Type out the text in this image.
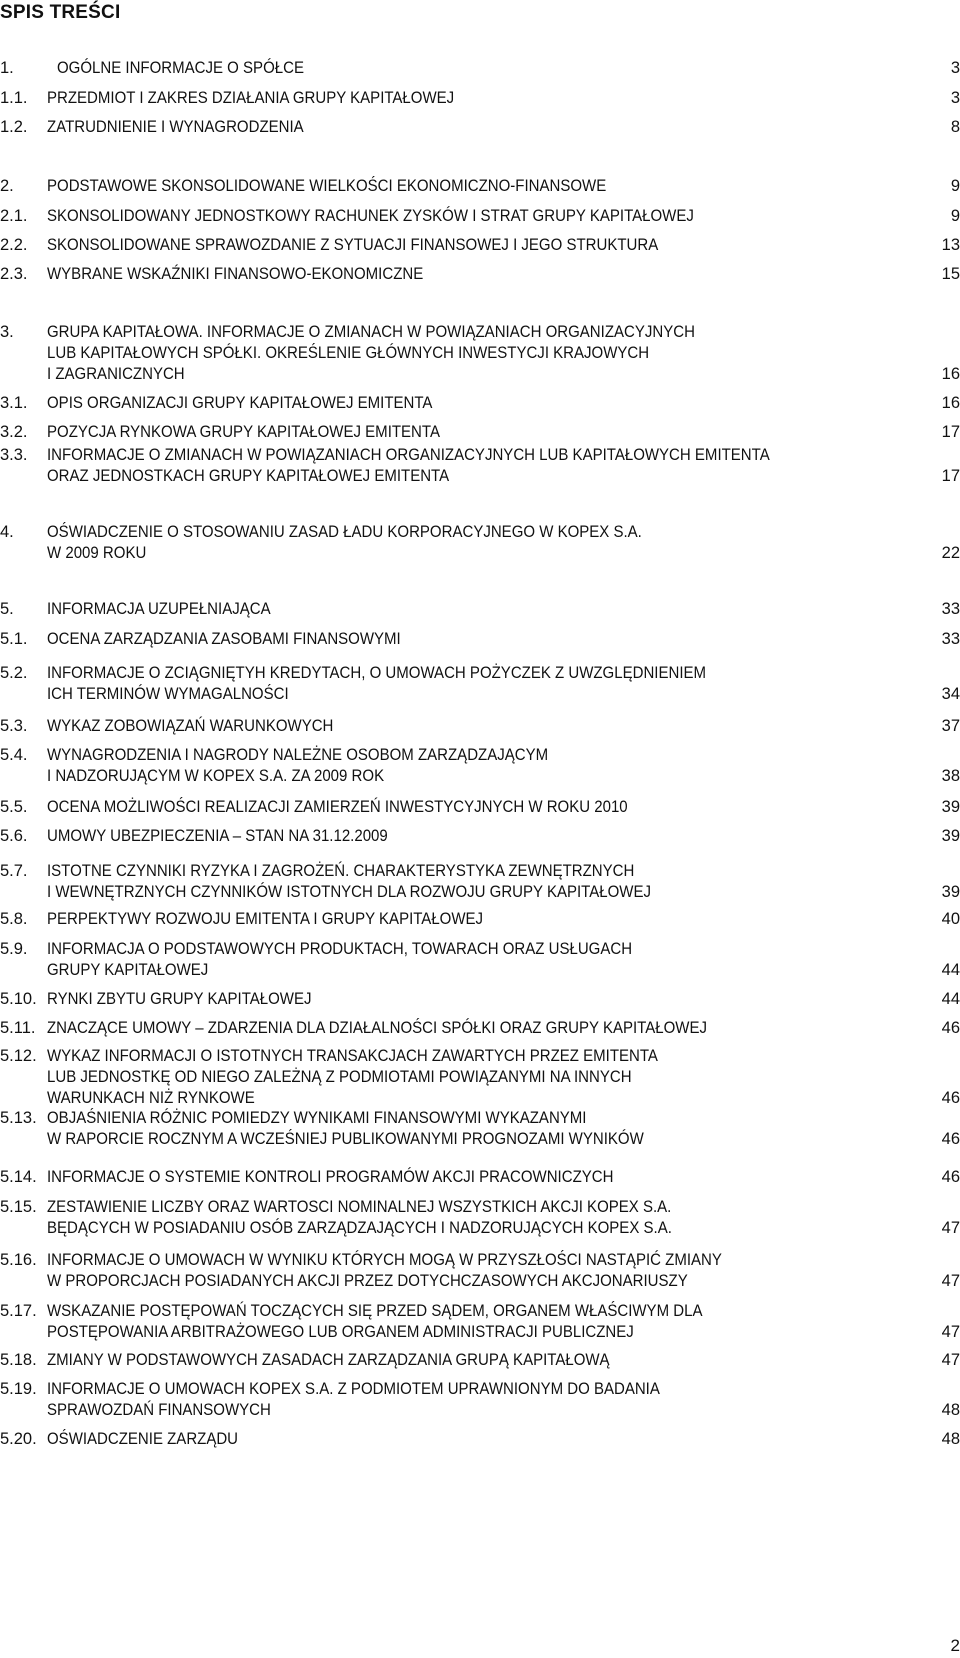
SPIS TREŚCI
1.	OGÓLNE INFORMACJE O SPÓŁCE	3
1.1. PRZEDMIOT I ZAKRES DZIAŁANIA GRUPY KAPITAŁOWEJ	3
1.2. ZATRUDNIENIE I WYNAGRODZENIA	8
2. PODSTAWOWE SKONSOLIDOWANE WIELKOŚCI EKONOMICZNO-FINANSOWE	9
2.1. SKONSOLIDOWANY JEDNOSTKOWY RACHUNEK ZYSKÓW I STRAT GRUPY KAPITAŁOWEJ	9
2.2. SKONSOLIDOWANE SPRAWOZDANIE Z SYTUACJI FINANSOWEJ I JEGO STRUKTURA	13
2.3. WYBRANE WSKAŹNIKI FINANSOWO-EKONOMICZNE	15
3. GRUPA KAPITAŁOWA. INFORMACJE O ZMIANACH W POWIĄZANIACH ORGANIZACYJNYCH
LUB KAPITAŁOWYCH SPÓŁKI. OKREŚLENIE GŁÓWNYCH INWESTYCJI KRAJOWYCH
I ZAGRANICZNYCH	16
3.1. OPIS ORGANIZACJI GRUPY KAPITAŁOWEJ EMITENTA	16
3.2. POZYCJA RYNKOWA GRUPY KAPITAŁOWEJ EMITENTA	17
3.3. INFORMACJE O ZMIANACH W POWIĄZANIACH ORGANIZACYJNYCH LUB KAPITAŁOWYCH EMITENTA
ORAZ JEDNOSTKACH GRUPY KAPITAŁOWEJ EMITENTA	17
4. OŚWIADCZENIE O STOSOWANIU ZASAD ŁADU KORPORACYJNEGO W KOPEX S.A.
W 2009 ROKU	22
5. INFORMACJA UZUPEŁNIAJĄCA	33
5.1. OCENA ZARZĄDZANIA ZASOBAMI FINANSOWYMI	33
5.2. INFORMACJE O ZCIĄGNIĘTYH KREDYTACH, O UMOWACH POŻYCZEK Z UWZGLĘDNIENIEM
ICH TERMINÓW WYMAGALNOŚCI	34
5.3. WYKAZ ZOBOWIĄZAŃ WARUNKOWYCH	37
5.4. WYNAGRODZENIA I NAGRODY NALEŻNE OSOBOM ZARZĄDZAJĄCYM
I NADZORUJĄCYM W KOPEX S.A. ZA 2009 ROK	38
5.5. OCENA MOŻLIWOŚCI REALIZACJI ZAMIERZEŃ INWESTYCYJNYCH W ROKU 2010	39
5.6. UMOWY UBEZPIECZENIA – STAN NA 31.12.2009	39
5.7. ISTOTNE CZYNNIKI RYZYKA I ZAGROŻEŃ. CHARAKTERYSTYKA ZEWNĘTRZNYCH
I WEWNĘTRZNYCH CZYNNIKÓW ISTOTNYCH DLA ROZWOJU GRUPY KAPITAŁOWEJ	39
5.8. PERPEKTYWY ROZWOJU EMITENTA I GRUPY KAPITAŁOWEJ	40
5.9. INFORMACJA O PODSTAWOWYCH PRODUKTACH, TOWARACH ORAZ USŁUGACH
GRUPY KAPITAŁOWEJ	44
5.10. RYNKI ZBYTU GRUPY KAPITAŁOWEJ	44
5.11. ZNACZĄCE UMOWY – ZDARZENIA DLA DZIAŁALNOŚCI SPÓŁKI ORAZ GRUPY KAPITAŁOWEJ	46
5.12. WYKAZ INFORMACJI O ISTOTNYCH TRANSAKCJACH ZAWARTYCH PRZEZ EMITENTA
LUB JEDNOSTKĘ OD NIEGO ZALEŻNĄ Z PODMIOTAMI POWIĄZANYMI NA INNYCH
WARUNKACH NIŻ RYNKOWE	46
5.13. OBJAŚNIENIA RÓŻNIC POMIEDZY WYNIKAMI FINANSOWYMI WYKAZANYMI
W RAPORCIE ROCZNYM A WCZEŚNIEJ PUBLIKOWANYMI PROGNOZAMI WYNIKÓW	46
5.14. INFORMACJE O SYSTEMIE KONTROLI PROGRAMÓW AKCJI PRACOWNICZYCH	46
5.15. ZESTAWIENIE LICZBY ORAZ WARTOSCI NOMINALNEJ WSZYSTKICH AKCJI KOPEX S.A.
BĘDĄCYCH W POSIADANIU OSÓB ZARZĄDZAJĄCYCH I NADZORUJĄCYCH KOPEX S.A.	47
5.16. INFORMACJE O UMOWACH W WYNIKU KTÓRYCH MOGĄ W PRZYSZŁOŚCI NASTĄPIĆ ZMIANY
W PROPORCJACH POSIADANYCH AKCJI PRZEZ DOTYCHCZASOWYCH AKCJONARIUSZY	47
5.17. WSKAZANIE POSTĘPOWAŃ TOCZĄCYCH SIĘ PRZED SĄDEM, ORGANEM WŁAŚCIWYM DLA
POSTĘPOWANIA ARBITRAŻOWEGO LUB ORGANEM ADMINISTRACJI PUBLICZNEJ	47
5.18. ZMIANY W PODSTAWOWYCH ZASADACH ZARZĄDZANIA GRUPĄ KAPITAŁOWĄ	47
5.19. INFORMACJE O UMOWACH KOPEX S.A. Z PODMIOTEM UPRAWNIONYM DO BADANIA
SPRAWOZDAŃ FINANSOWYCH	48
5.20. OŚWIADCZENIE ZARZĄDU	48
2
